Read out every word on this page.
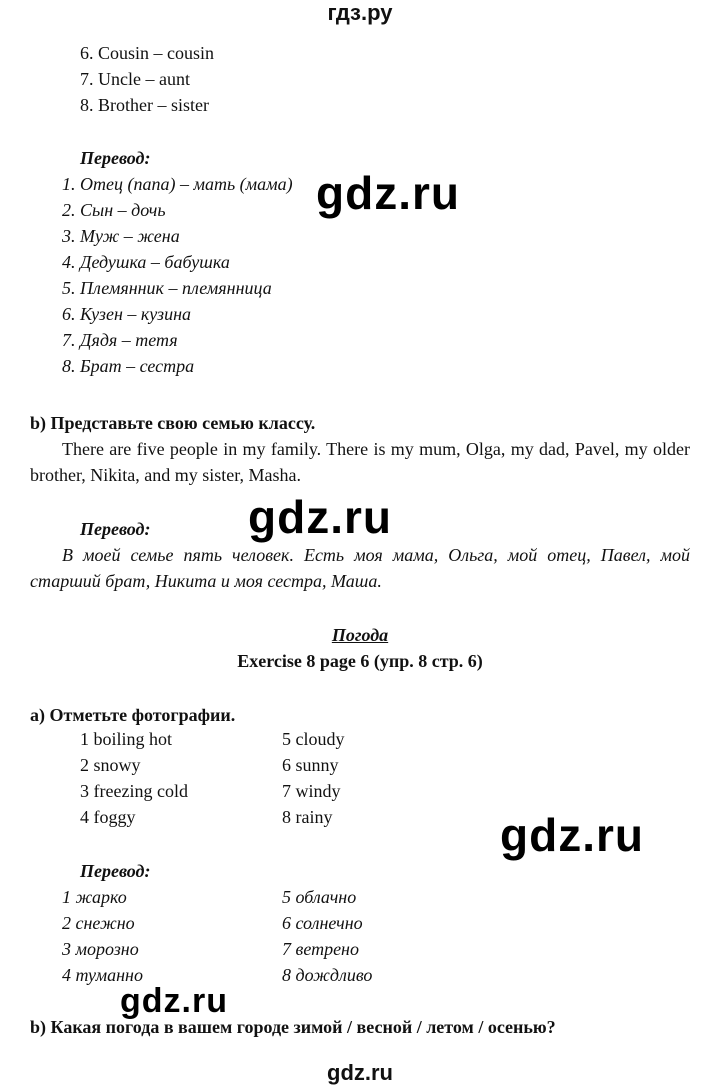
гдз.ру
6. Cousin – cousin
7. Uncle – aunt
8. Brother – sister
Перевод:
1. Отец (папа) – мать (мама)
2. Сын – дочь
3. Муж – жена
4. Дедушка – бабушка
5. Племянник – племянница
6. Кузен – кузина
7. Дядя – тетя
8. Брат – сестра
gdz.ru
b) Представьте свою семью классу.
There are five people in my family. There is my mum, Olga, my dad, Pavel, my older brother, Nikita, and my sister, Masha.
gdz.ru
Перевод:
В моей семье пять человек. Есть моя мама, Ольга, мой отец, Павел, мой старший брат, Никита и моя сестра, Маша.
Погода
Exercise 8 page 6 (упр. 8 стр. 6)
a) Отметьте фотографии.
1 boiling hot
2 snowy
3 freezing cold
4 foggy
5 cloudy
6 sunny
7 windy
8 rainy	gdz.ru
Перевод:
1 жарко
2 снежно
3 морозно
4 туманно
5 облачно
6 солнечно
7 ветрено
8 дождливо
gdz.ru
b) Какая погода в вашем городе зимой / весной / летом / осенью?
gdz.ru
